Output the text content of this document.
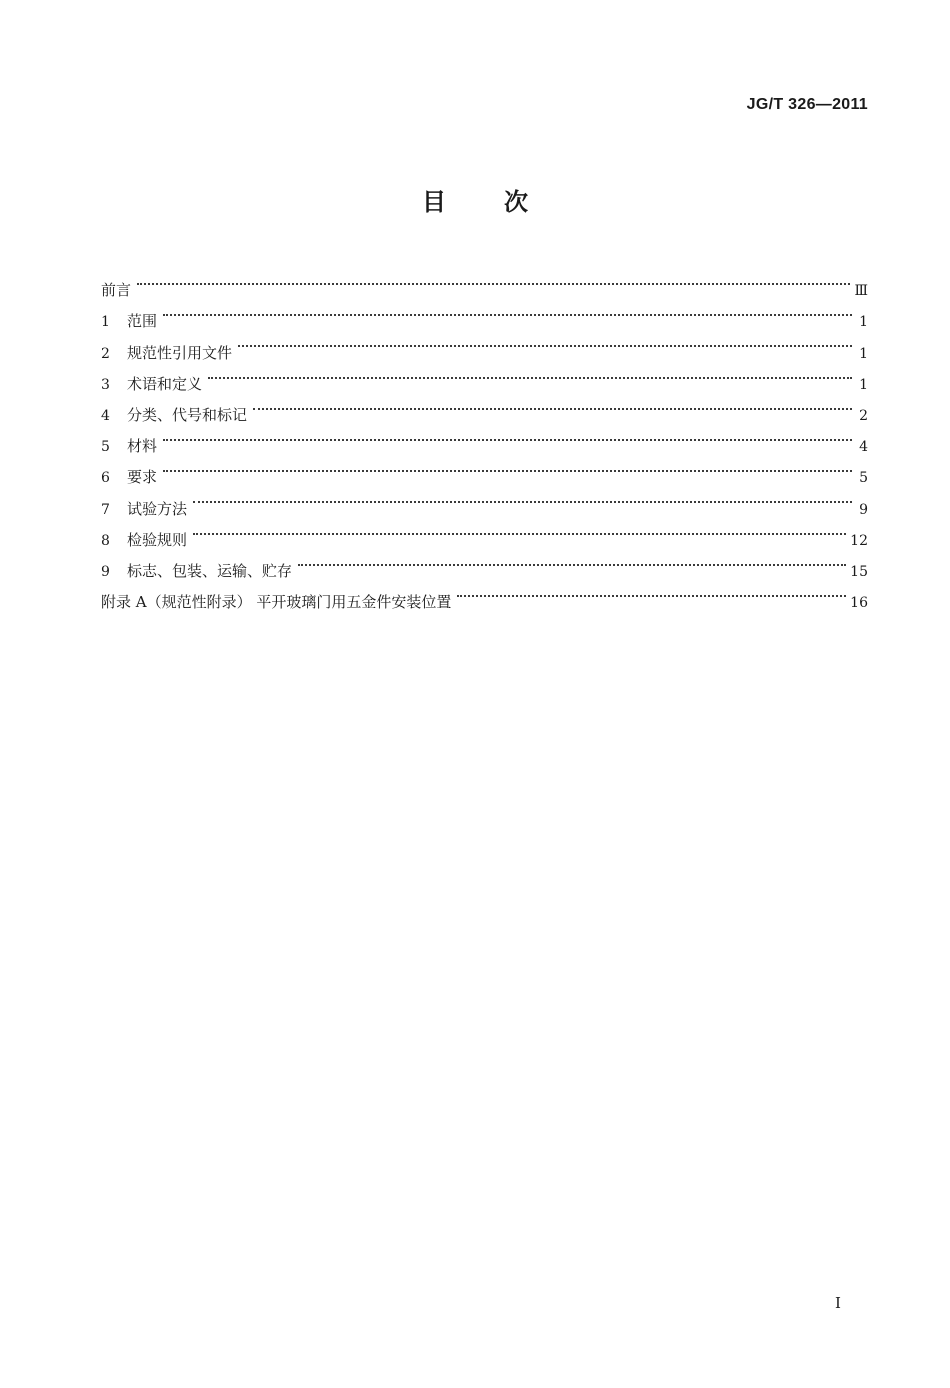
JG/T 326—2011
目 次
前言	Ⅲ
1	范围	1
2	规范性引用文件	1
3	术语和定义	1
4	分类、代号和标记	2
5	材料	4
6	要求	5
7	试验方法	9
8	检验规则	12
9	标志、包装、运输、贮存	15
附录 A（规范性附录） 平开玻璃门用五金件安装位置	16
I
